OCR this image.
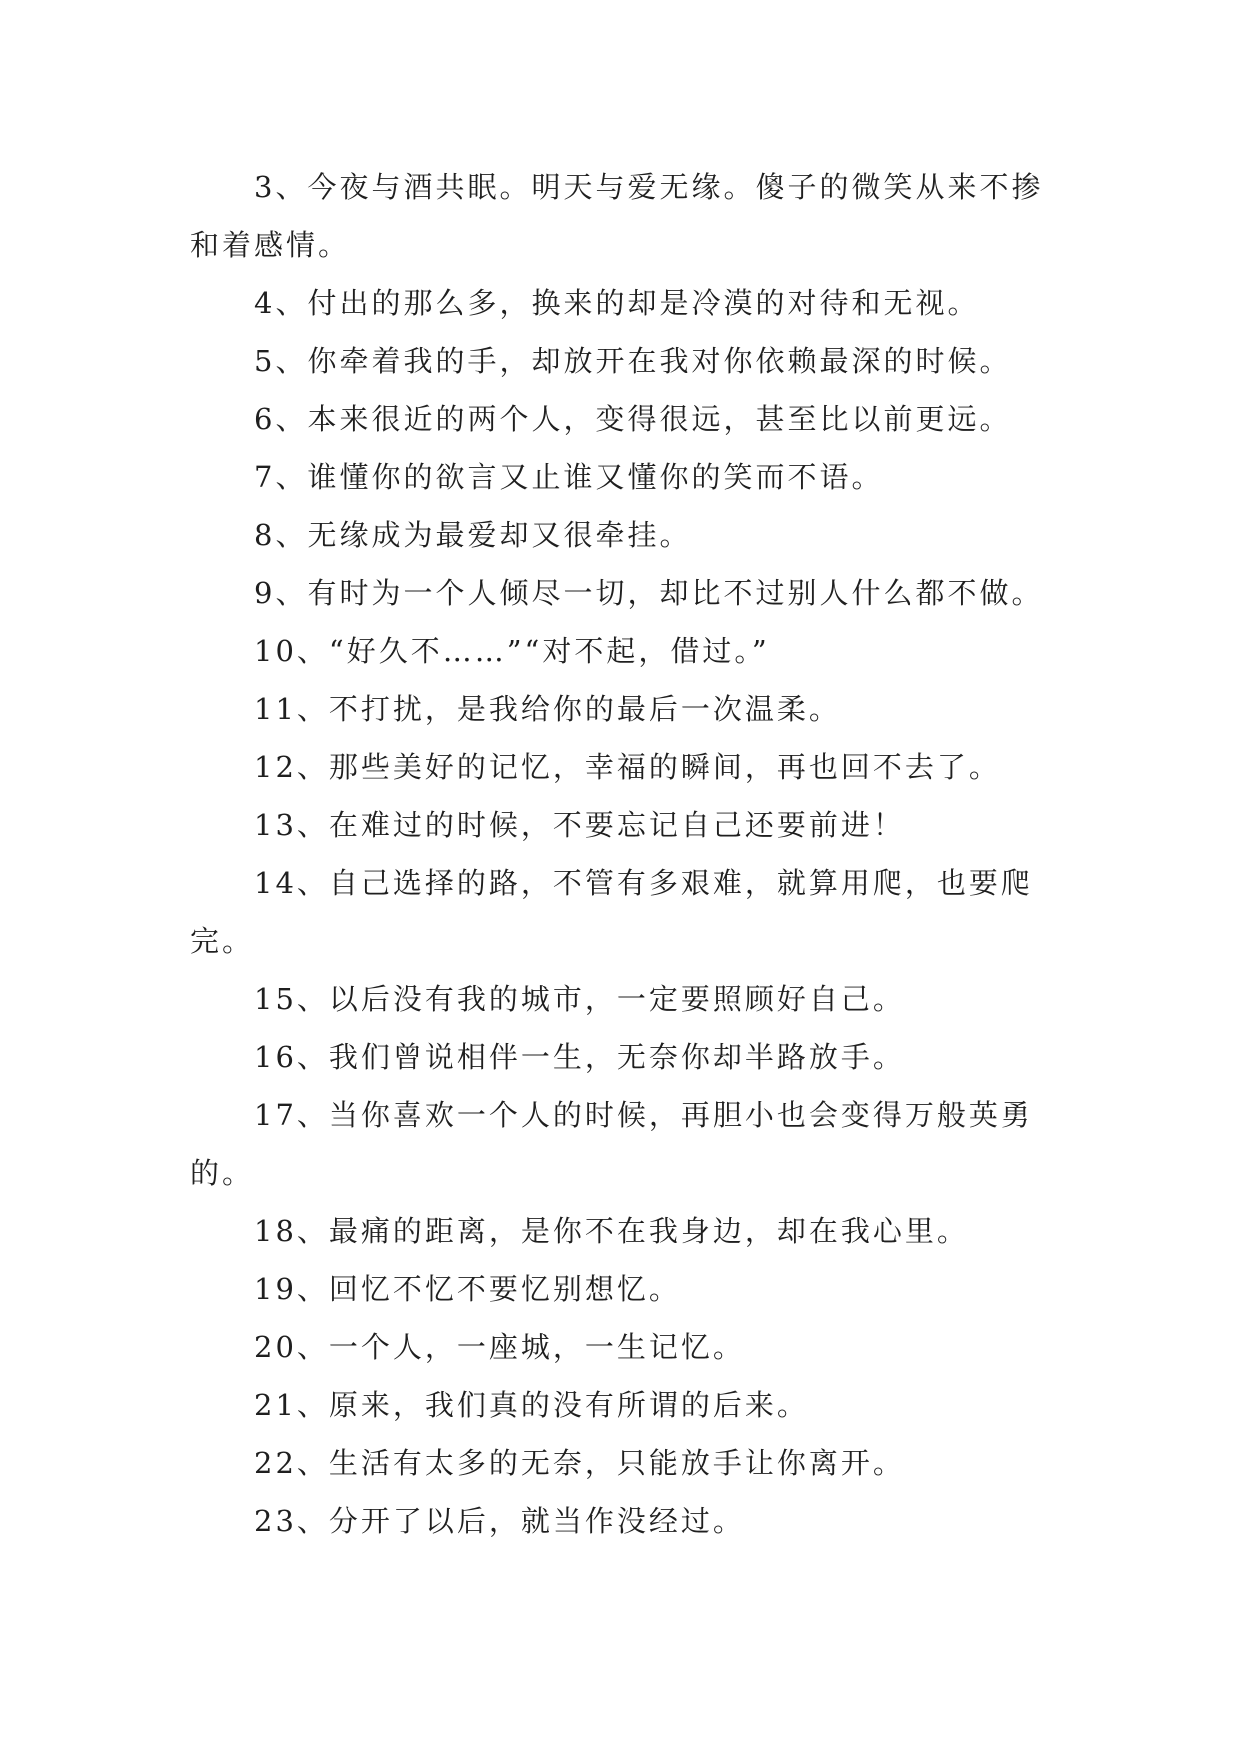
3、今夜与酒共眠。明天与爱无缘。傻子的微笑从来不掺和着感情。

4、付出的那么多，换来的却是冷漠的对待和无视。

5、你牵着我的手，却放开在我对你依赖最深的时候。

6、本来很近的两个人，变得很远，甚至比以前更远。

7、谁懂你的欲言又止谁又懂你的笑而不语。

8、无缘成为最爱却又很牵挂。

9、有时为一个人倾尽一切，却比不过别人什么都不做。

10、“好久不……”“对不起，借过。”

11、不打扰，是我给你的最后一次温柔。

12、那些美好的记忆，幸福的瞬间，再也回不去了。

13、在难过的时候，不要忘记自己还要前进！

14、自己选择的路，不管有多艰难，就算用爬，也要爬完。

15、以后没有我的城市，一定要照顾好自己。

16、我们曾说相伴一生，无奈你却半路放手。

17、当你喜欢一个人的时候，再胆小也会变得万般英勇的。

18、最痛的距离，是你不在我身边，却在我心里。

19、回忆不忆不要忆别想忆。

20、一个人，一座城，一生记忆。

21、原来，我们真的没有所谓的后来。

22、生活有太多的无奈，只能放手让你离开。

23、分开了以后，就当作没经过。
